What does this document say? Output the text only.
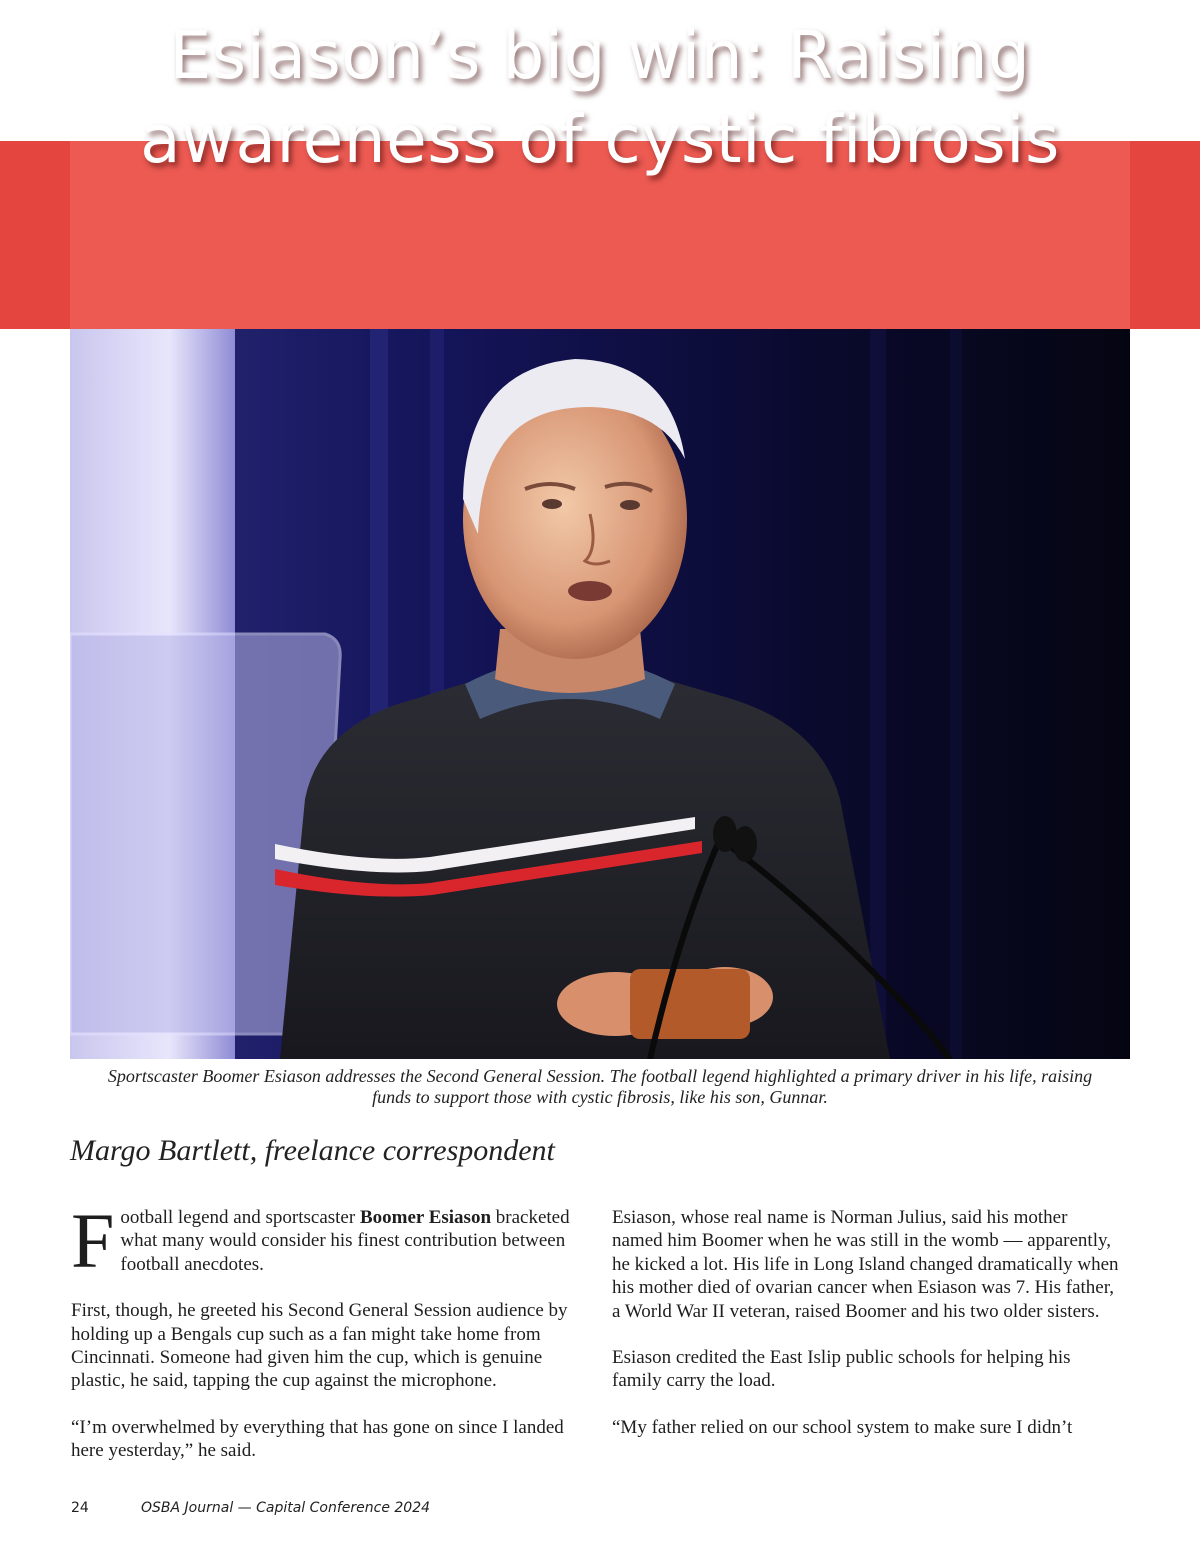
Esiason’s big win: Raising
awareness of cystic fibrosis
Sportscaster Boomer Esiason addresses the Second General Session. The football legend highlighted a primary driver in his life, raising
funds to support those with cystic fibrosis, like his son, Gunnar.
Margo Bartlett, freelance correspondent

Football legend and sportscaster Boomer Esiason bracketed what many would consider his finest contribution between football anecdotes.

First, though, he greeted his Second General Session audience by holding up a Bengals cup such as a fan might take home from Cincinnati. Someone had given him the cup, which is genuine plastic, he said, tapping the cup against the microphone.

“I’m overwhelmed by everything that has gone on since I landed here yesterday,” he said.

Esiason, whose real name is Norman Julius, said his mother named him Boomer when he was still in the womb — apparently, he kicked a lot. His life in Long Island changed dramatically when his mother died of ovarian cancer when Esiason was 7. His father, a World War II veteran, raised Boomer and his two older sisters.

Esiason credited the East Islip public schools for helping his family carry the load.

“My father relied on our school system to make sure I didn’t

24	OSBA Journal — Capital Conference 2024
